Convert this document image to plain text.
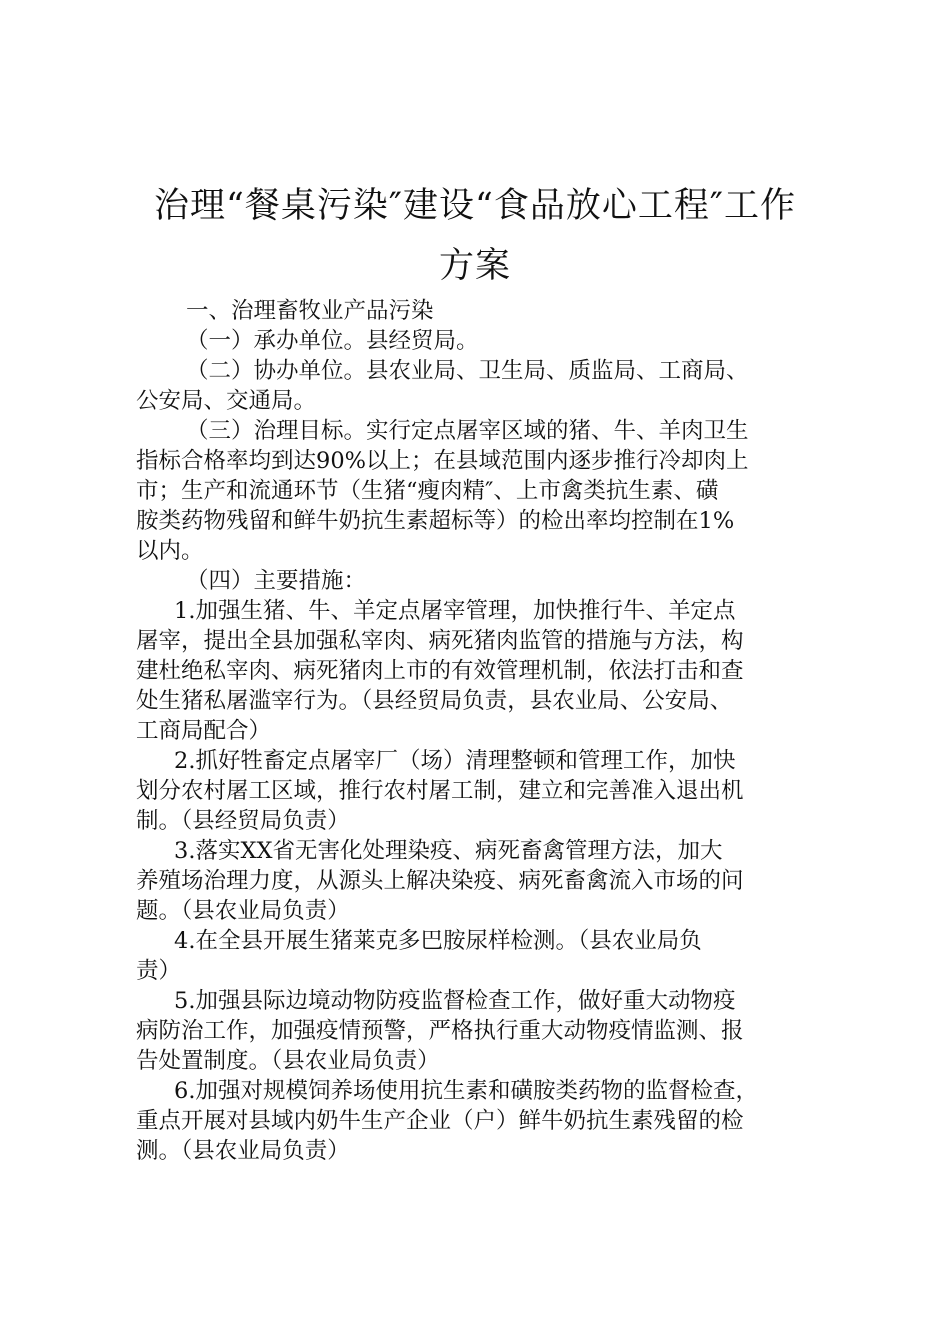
治理“餐桌污染″建设“食品放心工程″工作
方案

一、治理畜牧业产品污染

（一）承办单位。县经贸局。

（二）协办单位。县农业局、卫生局、质监局、工商局、
公安局、交通局。

（三）治理目标。实行定点屠宰区域的猪、牛、羊肉卫生
指标合格率均到达90%以上；在县域范围内逐步推行冷却肉上
市；生产和流通环节（生猪“瘦肉精″、上市禽类抗生素、磺
胺类药物残留和鲜牛奶抗生素超标等）的检出率均控制在1%
以内。

（四）主要措施：

1.加强生猪、牛、羊定点屠宰管理，加快推行牛、羊定点
屠宰，提出全县加强私宰肉、病死猪肉监管的措施与方法，构
建杜绝私宰肉、病死猪肉上市的有效管理机制，依法打击和查
处生猪私屠滥宰行为。（县经贸局负责，县农业局、公安局、
工商局配合）

2.抓好牲畜定点屠宰厂（场）清理整顿和管理工作，加快
划分农村屠工区域，推行农村屠工制，建立和完善准入退出机
制。（县经贸局负责）

3.落实XX省无害化处理染疫、病死畜禽管理方法，加大
养殖场治理力度，从源头上解决染疫、病死畜禽流入市场的问
题。（县农业局负责）

4.在全县开展生猪莱克多巴胺尿样检测。（县农业局负
责）

5.加强县际边境动物防疫监督检查工作，做好重大动物疫
病防治工作，加强疫情预警，严格执行重大动物疫情监测、报
告处置制度。（县农业局负责）

6.加强对规模饲养场使用抗生素和磺胺类药物的监督检查，
重点开展对县域内奶牛生产企业（户）鲜牛奶抗生素残留的检
测。（县农业局负责）
